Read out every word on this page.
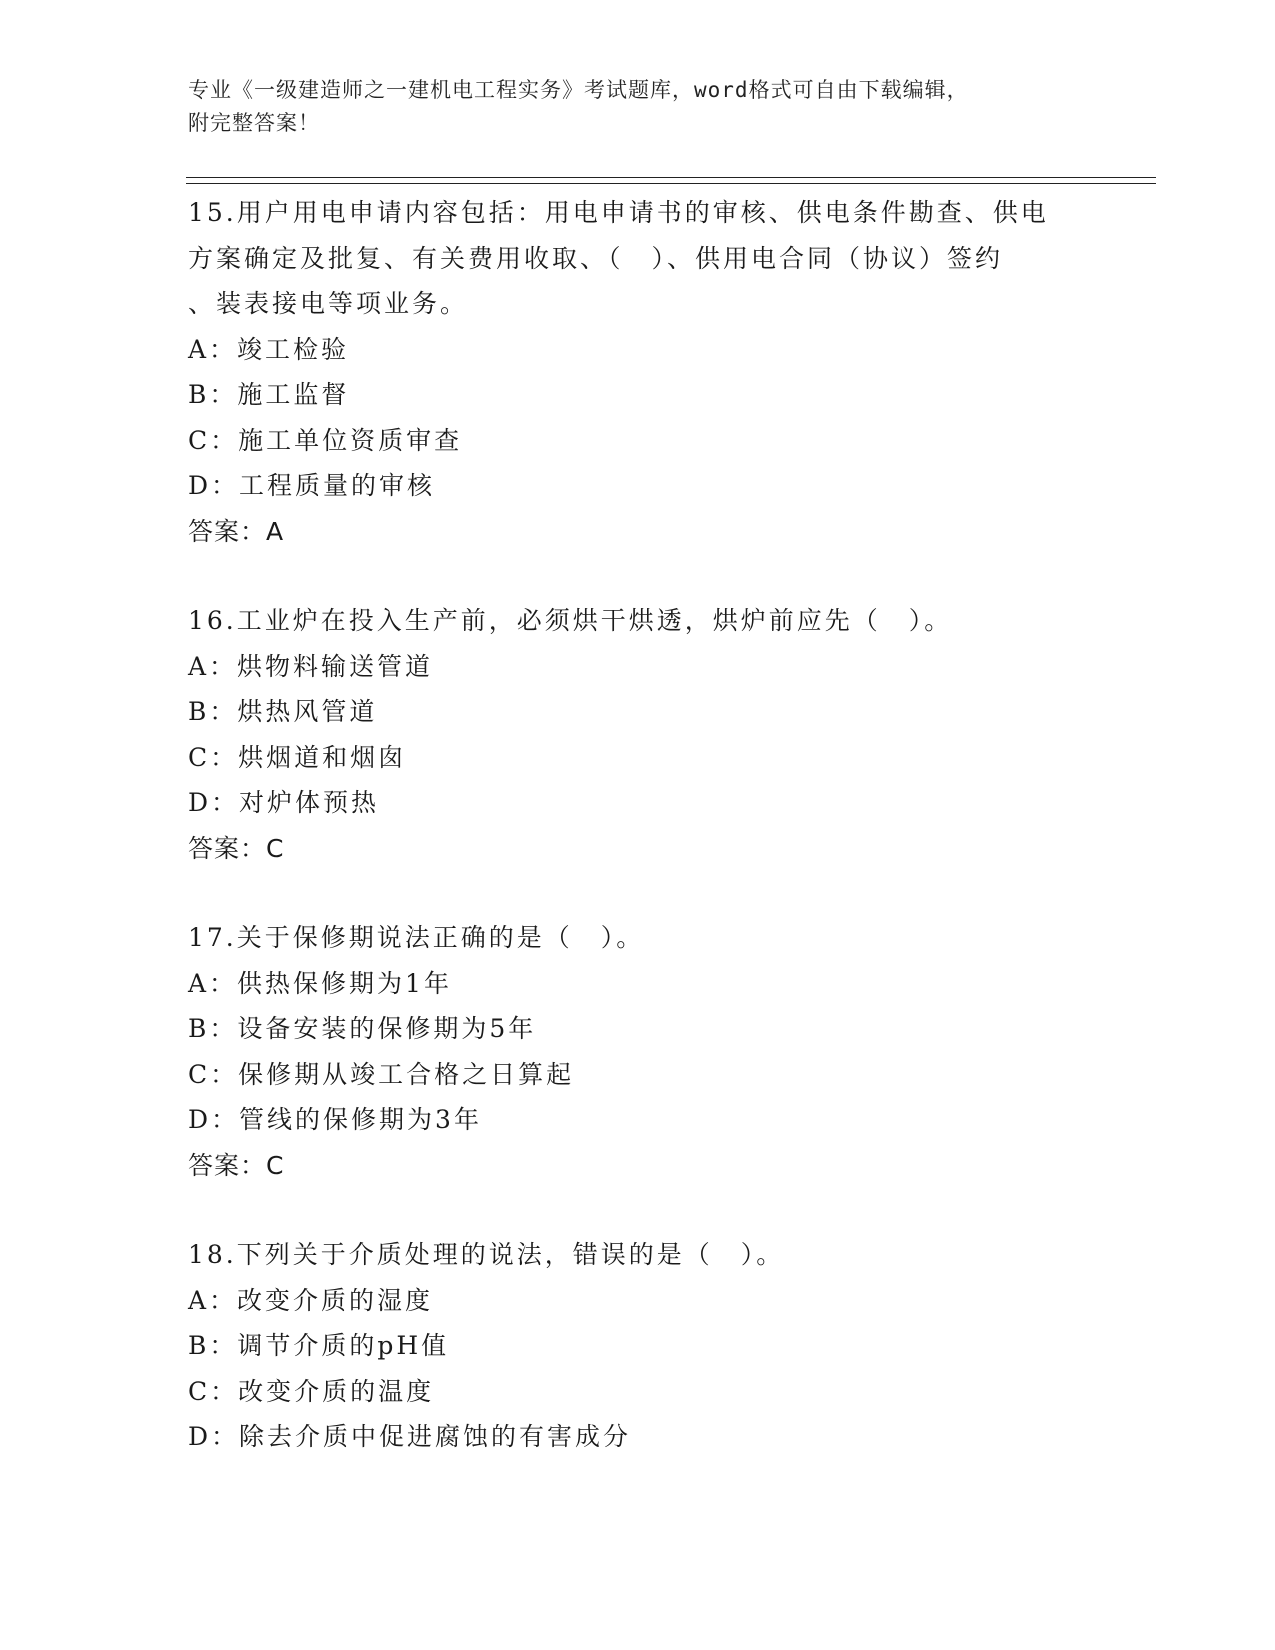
专业《一级建造师之一建机电工程实务》考试题库，word格式可自由下载编辑，

附完整答案！

15.用户用电申请内容包括：用电申请书的审核、供电条件勘查、供电

方案确定及批复、有关费用收取、（　）、供用电合同（协议）签约

、装表接电等项业务。

A：竣工检验

B：施工监督

C：施工单位资质审查

D：工程质量的审核

答案：A

16.工业炉在投入生产前，必须烘干烘透，烘炉前应先（　）。

A：烘物料输送管道

B：烘热风管道

C：烘烟道和烟囱

D：对炉体预热

答案：C

17.关于保修期说法正确的是（　）。

A：供热保修期为1年

B：设备安装的保修期为5年

C：保修期从竣工合格之日算起

D：管线的保修期为3年

答案：C

18.下列关于介质处理的说法，错误的是（　）。

A：改变介质的湿度

B：调节介质的pH值

C：改变介质的温度

D：除去介质中促进腐蚀的有害成分
